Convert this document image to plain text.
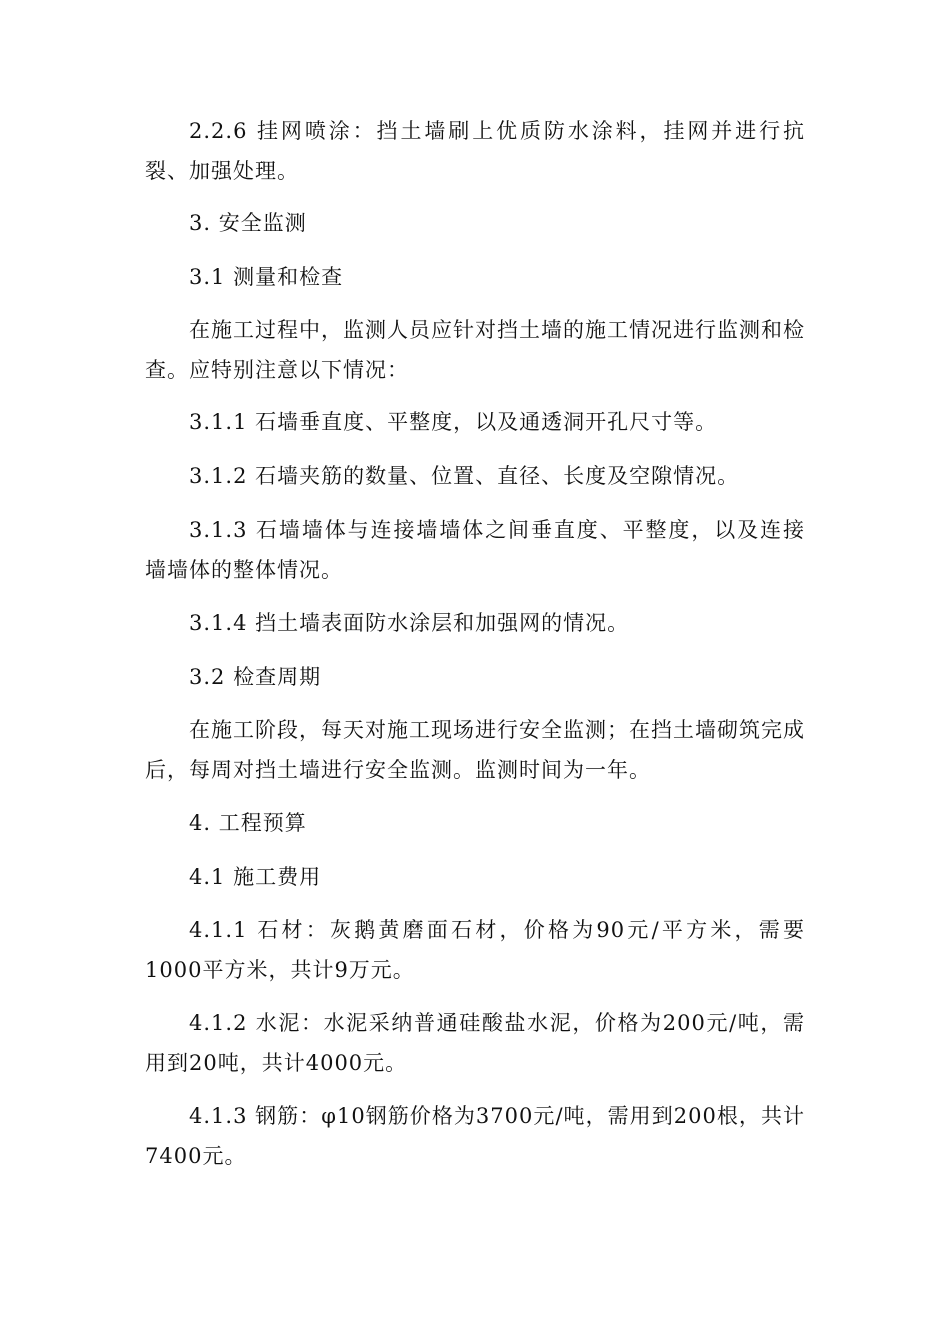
2.2.6 挂网喷涂：挡土墙刷上优质防水涂料，挂网并进行抗裂、加强处理。

3. 安全监测

3.1 测量和检查

在施工过程中，监测人员应针对挡土墙的施工情况进行监测和检查。应特别注意以下情况：

3.1.1 石墙垂直度、平整度，以及通透洞开孔尺寸等。

3.1.2 石墙夹筋的数量、位置、直径、长度及空隙情况。

3.1.3 石墙墙体与连接墙墙体之间垂直度、平整度，以及连接墙墙体的整体情况。

3.1.4 挡土墙表面防水涂层和加强网的情况。

3.2 检查周期

在施工阶段，每天对施工现场进行安全监测；在挡土墙砌筑完成后，每周对挡土墙进行安全监测。监测时间为一年。

4. 工程预算

4.1 施工费用

4.1.1 石材：灰鹅黄磨面石材，价格为90元/平方米，需要1000平方米，共计9万元。

4.1.2 水泥：水泥采纳普通硅酸盐水泥，价格为200元/吨，需用到20吨，共计4000元。

4.1.3 钢筋：φ10钢筋价格为3700元/吨，需用到200根，共计7400元。
